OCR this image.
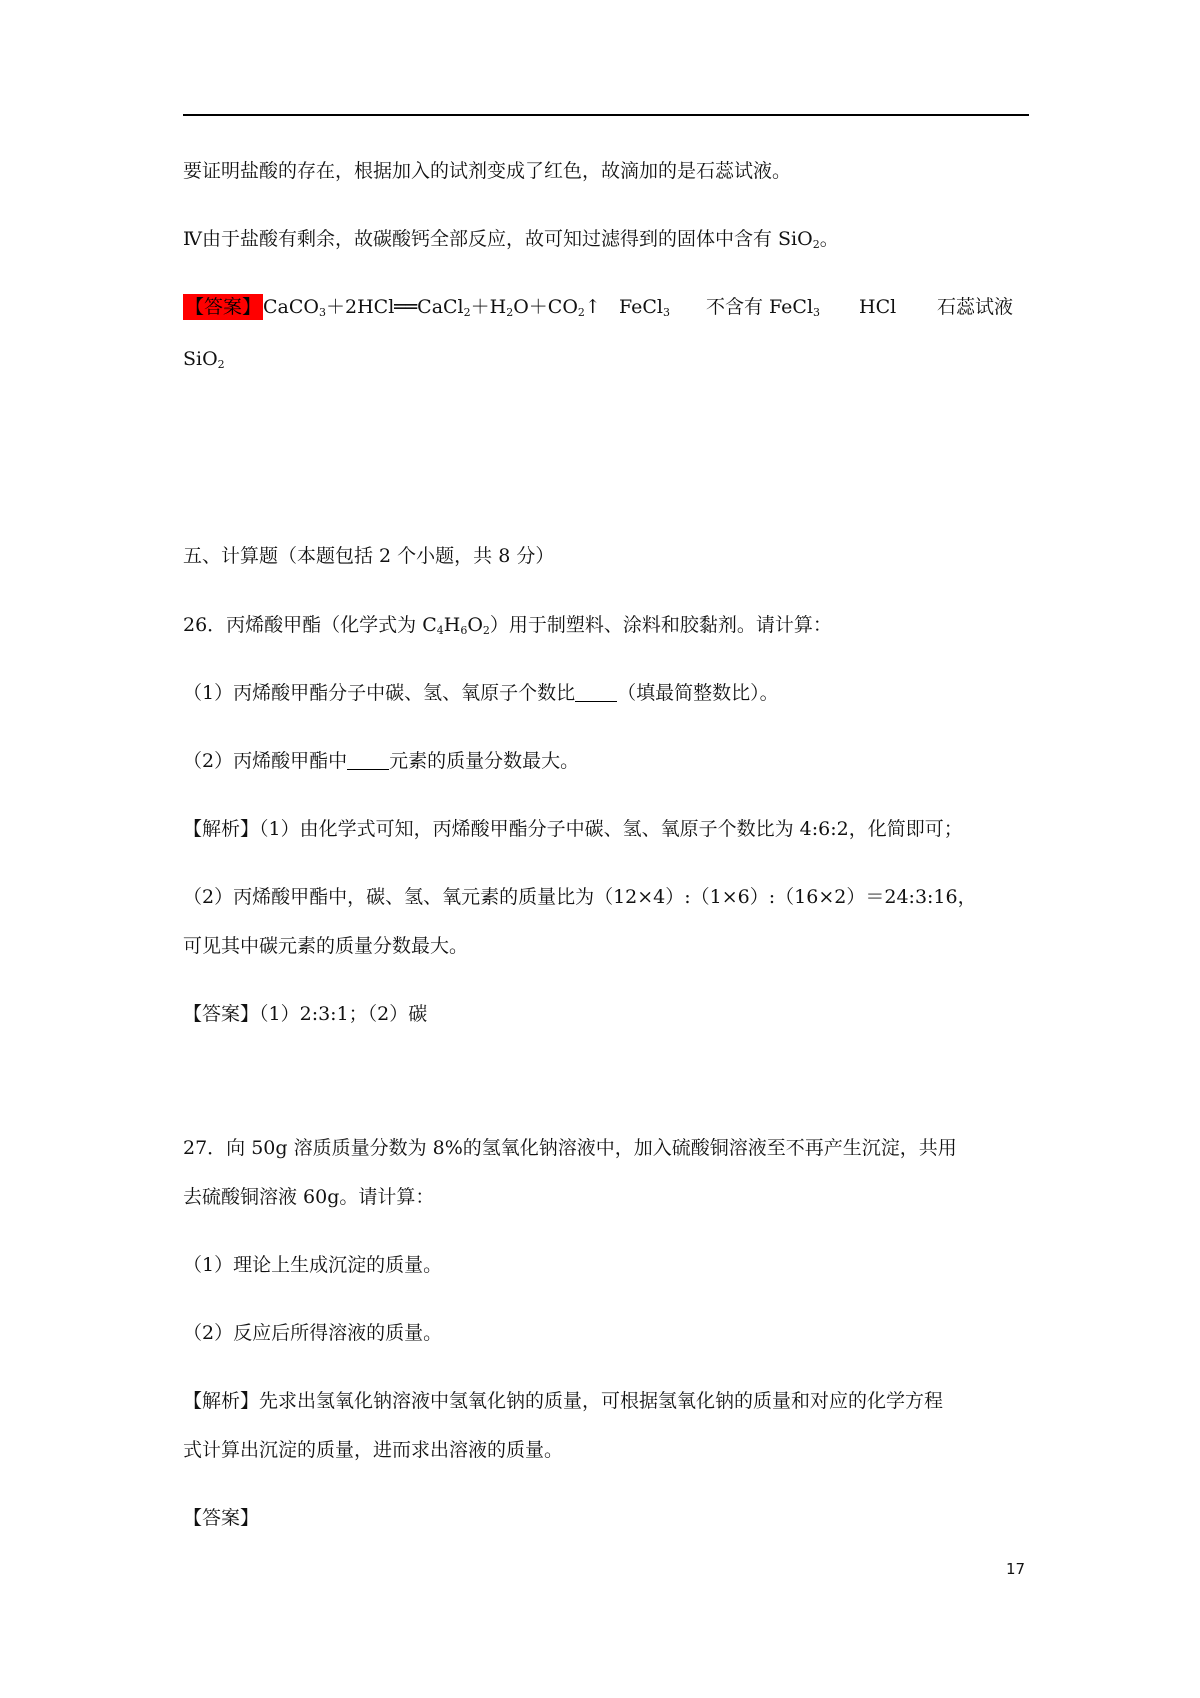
要证明盐酸的存在，根据加入的试剂变成了红色，故滴加的是石蕊试液。
Ⅳ由于盐酸有剩余，故碳酸钙全部反应，故可知过滤得到的固体中含有 SiO$_2$。
【答案】 $CaCO_3+2HCl══CaCl_2+H_2O+CO_2↑$ FeCl$_3$ 不含有 FeCl$_3$ HCl 石蕊试液
SiO$_2$
五、计算题（本题包括 2 个小题，共 8 分）
26．丙烯酸甲酯（化学式为 $C_4H_6O_2$）用于制塑料、涂料和胶黏剂。请计算：
（1）丙烯酸甲酯分子中碳、氢、氧原子个数比 （填最简整数比）。
（2）丙烯酸甲酯中 元素的质量分数最大。
【解析】（1）由化学式可知，丙烯酸甲酯分子中碳、氢、氧原子个数比为 4:6:2，化简即可；
（2）丙烯酸甲酯中，碳、氢、氧元素的质量比为（12×4）:（1×6）:（16×2）＝24:3:16，
可见其中碳元素的质量分数最大。
【答案】（1）2:3:1；（2）碳
27．向 50g 溶质质量分数为 8%的氢氧化钠溶液中，加入硫酸铜溶液至不再产生沉淀，共用
去硫酸铜溶液 60g。请计算：
（1）理论上生成沉淀的质量。
（2）反应后所得溶液的质量。
【解析】先求出氢氧化钠溶液中氢氧化钠的质量，可根据氢氧化钠的质量和对应的化学方程
式计算出沉淀的质量，进而求出溶液的质量。
【答案】
17
